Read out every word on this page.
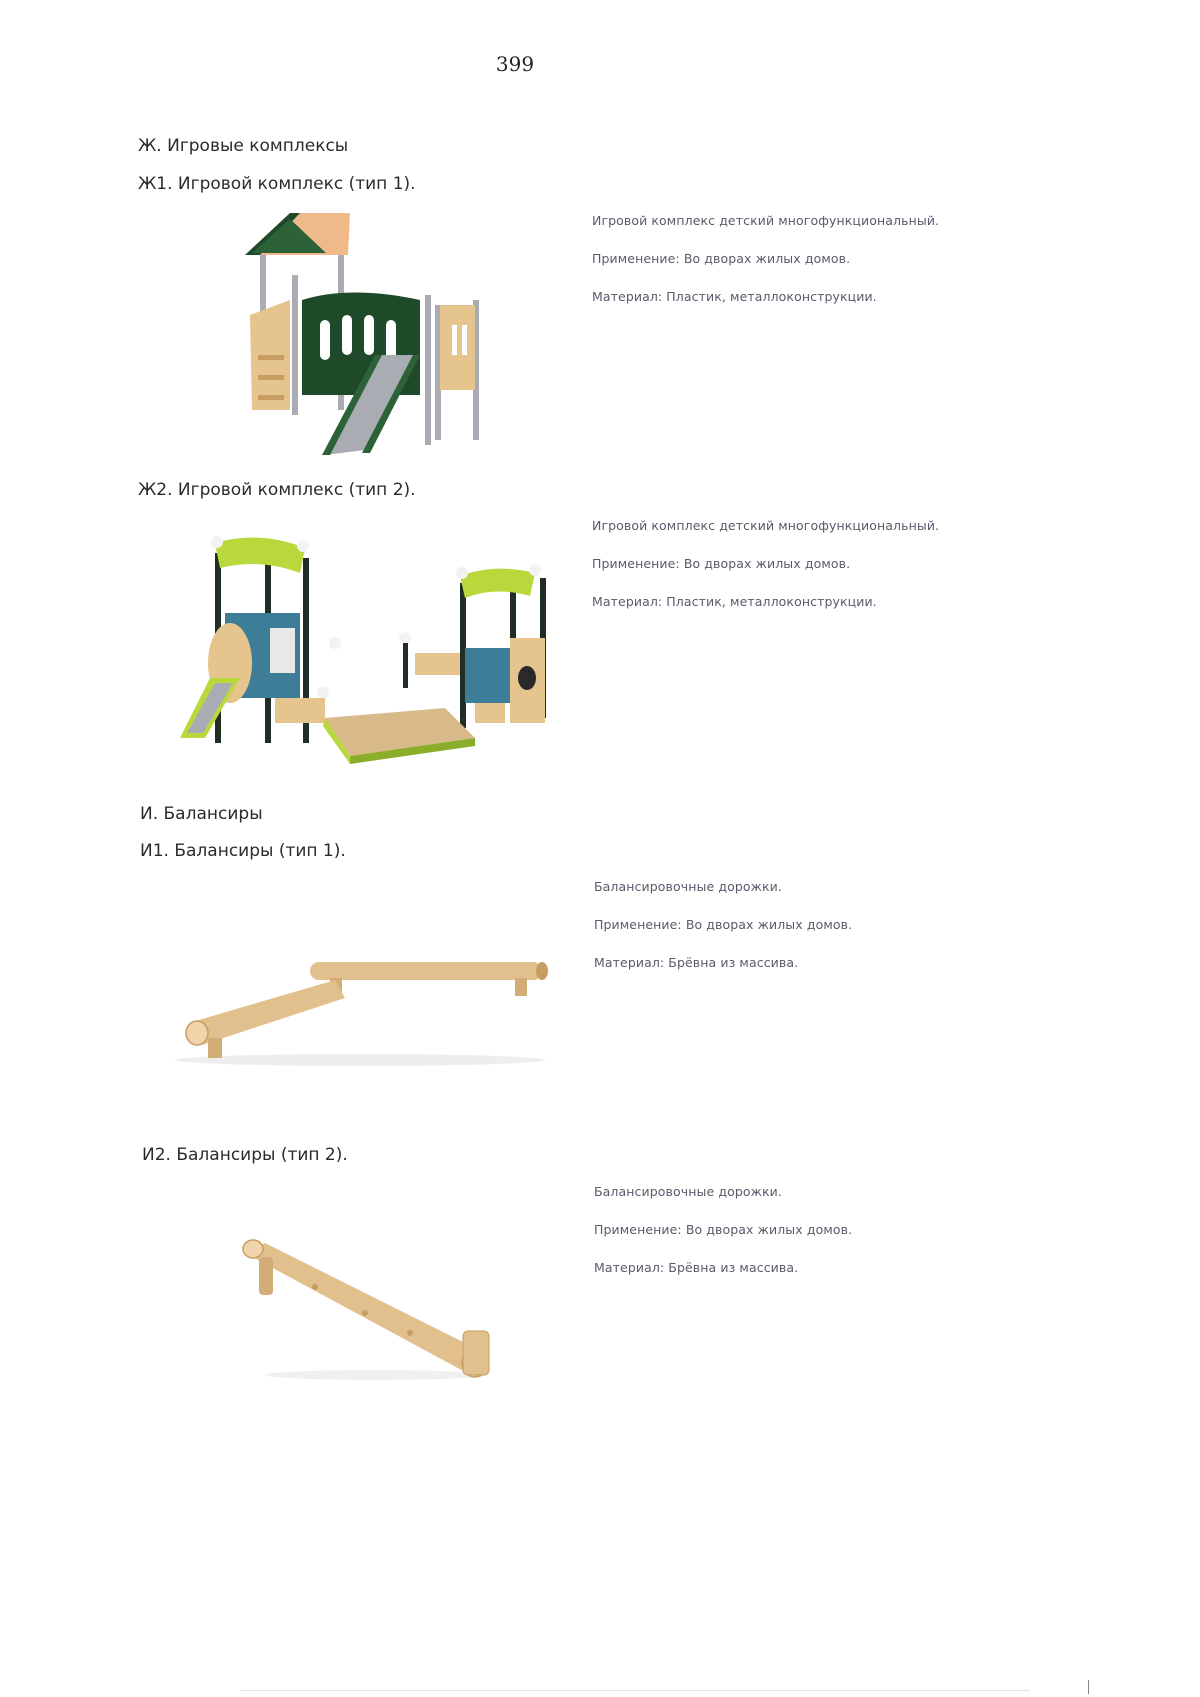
399
Ж. Игровые комплексы
Ж1. Игровой комплекс (тип 1).

Игровой комплекс детский многофункциональный.

Применение: Во дворах жилых домов.

Материал: Пластик, металлоконструкции.

Ж2. Игровой комплекс (тип 2).

Игровой комплекс детский многофункциональный.

Применение: Во дворах жилых домов.

Материал: Пластик, металлоконструкции.

И. Балансиры
И1. Балансиры (тип 1).

Балансировочные дорожки.

Применение: Во дворах жилых домов.

Материал: Брёвна из массива.

И2. Балансиры (тип 2).

Балансировочные дорожки.

Применение: Во дворах жилых домов.

Материал: Брёвна из массива.
